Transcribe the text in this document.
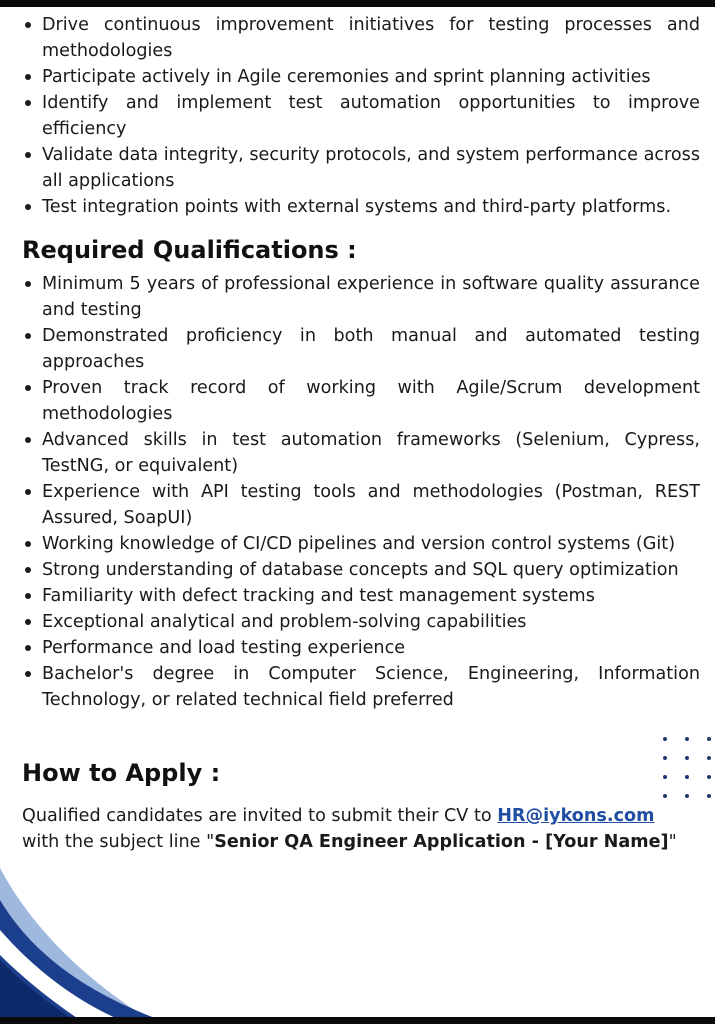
Drive continuous improvement initiatives for testing processes and methodologies
Participate actively in Agile ceremonies and sprint planning activities
Identify and implement test automation opportunities to improve efficiency
Validate data integrity, security protocols, and system performance across all applications
Test integration points with external systems and third-party platforms.
Required Qualifications :
Minimum 5 years of professional experience in software quality assurance and testing
Demonstrated proficiency in both manual and automated testing approaches
Proven track record of working with Agile/Scrum development methodologies
Advanced skills in test automation frameworks (Selenium, Cypress, TestNG, or equivalent)
Experience with API testing tools and methodologies (Postman, REST Assured, SoapUI)
Working knowledge of CI/CD pipelines and version control systems (Git)
Strong understanding of database concepts and SQL query optimization
Familiarity with defect tracking and test management systems
Exceptional analytical and problem-solving capabilities
Performance and load testing experience
Bachelor's degree in Computer Science, Engineering, Information Technology, or related technical field preferred
How to Apply :
Qualified candidates are invited to submit their CV to HR@iykons.com
with the subject line "Senior QA Engineer Application - [Your Name]"
